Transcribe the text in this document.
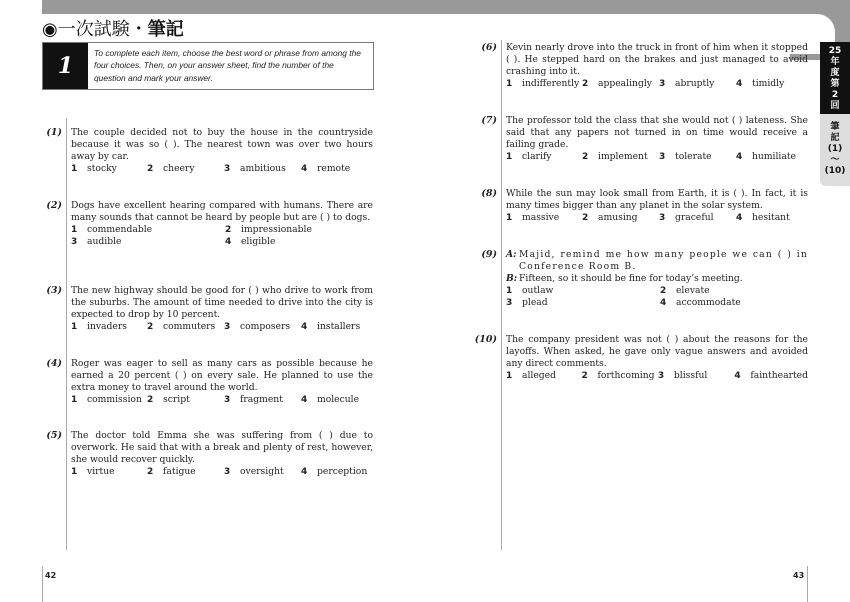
◉一次試験・筆記
1	To complete each item, choose the best word or phrase from among the four choices. Then, on your answer sheet, find the number of the question and mark your answer.
(1) The couple decided not to buy the house in the countryside because it was so ( ). The nearest town was over two hours away by car.
1	stocky	2	cheery	3	ambitious 4	remote
(2) Dogs have excellent hearing compared with humans. There are many sounds that cannot be heard by people but are ( ) to dogs.
1	commendable	2	impressionable
3	audible	4	eligible
(3) The new highway should be good for ( ) who drive to work from the suburbs. The amount of time needed to drive into the city is expected to drop by 10 percent.
1	invaders 2	commuters 3	composers 4	installers
(4) Roger was eager to sell as many cars as possible because he earned a 20 percent ( ) on every sale. He planned to use the extra money to travel around the world.
1	commission 2	script	3	fragment 4	molecule
(5) The doctor told Emma she was suffering from ( ) due to overwork. He said that with a break and plenty of rest, however, she would recover quickly.
1	virtue	2	fatigue	3	oversight 4	perception
(6) Kevin nearly drove into the truck in front of him when it stopped ( ). He stepped hard on the brakes and just managed to avoid crashing into it.
1	indifferently 2	appealingly 3	abruptly 4	timidly
(7) The professor told the class that she would not ( ) lateness. She said that any papers not turned in on time would receive a failing grade.
1	clarify	2	implement 3	tolerate	4	humiliate
(8) While the sun may look small from Earth, it is ( ). In fact, it is many times bigger than any planet in the solar system.
1	massive	2	amusing 3	graceful 4	hesitant
(9) A: Majid, remind me how many people we can ( ) in Conference Room B.
B: Fifteen, so it should be fine for today’s meeting.
1	outlaw	2	elevate
3	plead	4	accommodate
(10) The company president was not ( ) about the reasons for the layoffs. When asked, he gave only vague answers and avoided any direct comments.
1	alleged	2	forthcoming 3	blissful	4	fainthearted
25
年
度
第
2
回
筆
記
(1)
〜
(10)
42	43
